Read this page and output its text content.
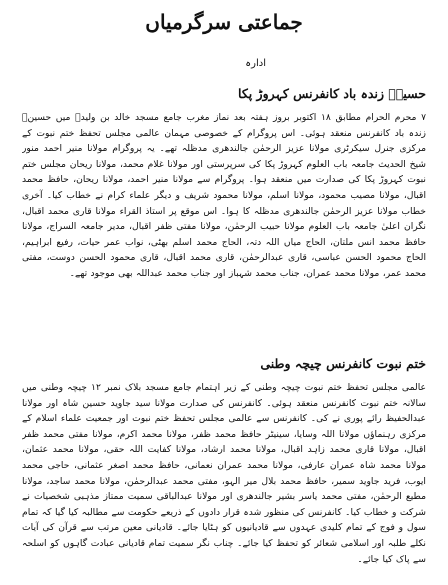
جماعتی سرگرمیاں
ادارہ
حسینؓ زندہ باد کانفرنس کہروڑ پکا
۷ محرم الحرام مطابق ۱۸ اکتوبر بروز ہفتہ بعد نماز مغرب جامع مسجد خالد بن ولیدؓ میں حسینؓ زندہ باد کانفرنس منعقد ہوئی۔ اس پروگرام کے خصوصی مہمان عالمی مجلس تحفظ ختم نبوت کے مرکزی جنرل سیکرٹری مولانا عزیز الرحمٰن جالندھری مدظلہ تھے۔ یہ پروگرام مولانا منیر احمد منور شیخ الحدیث جامعہ باب العلوم کہروڑ پکا کی سرپرستی اور مولانا غلام محمد، مولانا ریحان مجلس ختم نبوت کہروڑ پکا کی صدارت میں منعقد ہوا۔ پروگرام سے مولانا منیر احمد، مولانا ریحان، حافظ محمد اقبال، مولانا مصیب محمود، مولانا اسلم، مولانا محمود شریف و دیگر علماء کرام نے خطاب کیا۔ آخری خطاب مولانا عزیز الرحمٰن جالندھری مدظلہ کا ہوا۔ اس موقع پر استاذ القراء مولانا قاری محمد اقبال، نگران اعلیٰ جامعہ باب العلوم مولانا حبیب الرحمٰن، مولانا مفتی ظفر اقبال، مدیر جامعہ السراج، مولانا حافظ محمد انس ملتان، الحاج میاں اللہ دتہ، الحاج محمد اسلم بھٹی، نواب عمر حیات، رفیع ابراہیم، الحاج محمود الحسن عباسی، قاری عبدالرحمٰن، قاری محمد اقبال، قاری محمود الحسن دوست، مفتی محمد عمر، مولانا محمد عمران، جناب محمد شہباز اور جناب محمد عبداللہ بھی موجود تھے۔
ختم نبوت کانفرنس چیچہ وطنی
عالمی مجلس تحفظ ختم نبوت چیچہ وطنی کے زیر اہتمام جامع مسجد بلاک نمبر ۱۲ چیچہ وطنی میں سالانہ ختم نبوت کانفرنس منعقد ہوئی۔ کانفرنس کی صدارت مولانا سید جاوید حسین شاہ اور مولانا عبدالحفیظ رائے پوری نے کی۔ کانفرنس سے عالمی مجلس تحفظ ختم نبوت اور جمعیت علماء اسلام کے مرکزی رہنماؤں مولانا اللہ وسایا، سینیٹر حافظ محمد ظفر، مولانا محمد اکرم، مولانا مفتی محمد ظفر اقبال، مولانا قاری محمد زاہد اقبال، مولانا محمد ارشاد، مولانا کفایت اللہ حقی، مولانا محمد عثمان، مولانا محمد شاہ عمران عارفی، مولانا محمد عمران نعمانی، حافظ محمد اصغر عثمانی، حاجی محمد ایوب، فرید جاوید سمیر، حافظ محمد بلال میر الہو، مفتی محمد عبدالرحمٰن، مولانا محمد ساجد، مولانا مطیع الرحمٰن، مفتی محمد یاسر بشیر جالندھری اور مولانا عبدالباقی سمیت ممتاز مذہبی شخصیات نے شرکت و خطاب کیا۔ کانفرنس کی منظور شدہ قرار دادوں کے ذریعے حکومت سے مطالبہ کیا گیا کہ تمام سول و فوج کے تمام کلیدی عہدوں سے قادیانیوں کو ہٹایا جائے۔ قادیانی معین مرتب سے قرآن کی آیات نکلے طلبہ اور اسلامی شعائر کو تحفظ کیا جائے۔ چناب نگر سمیت تمام قادیانی عبادت گاہوں کو اسلحہ سے پاک کیا جائے۔
